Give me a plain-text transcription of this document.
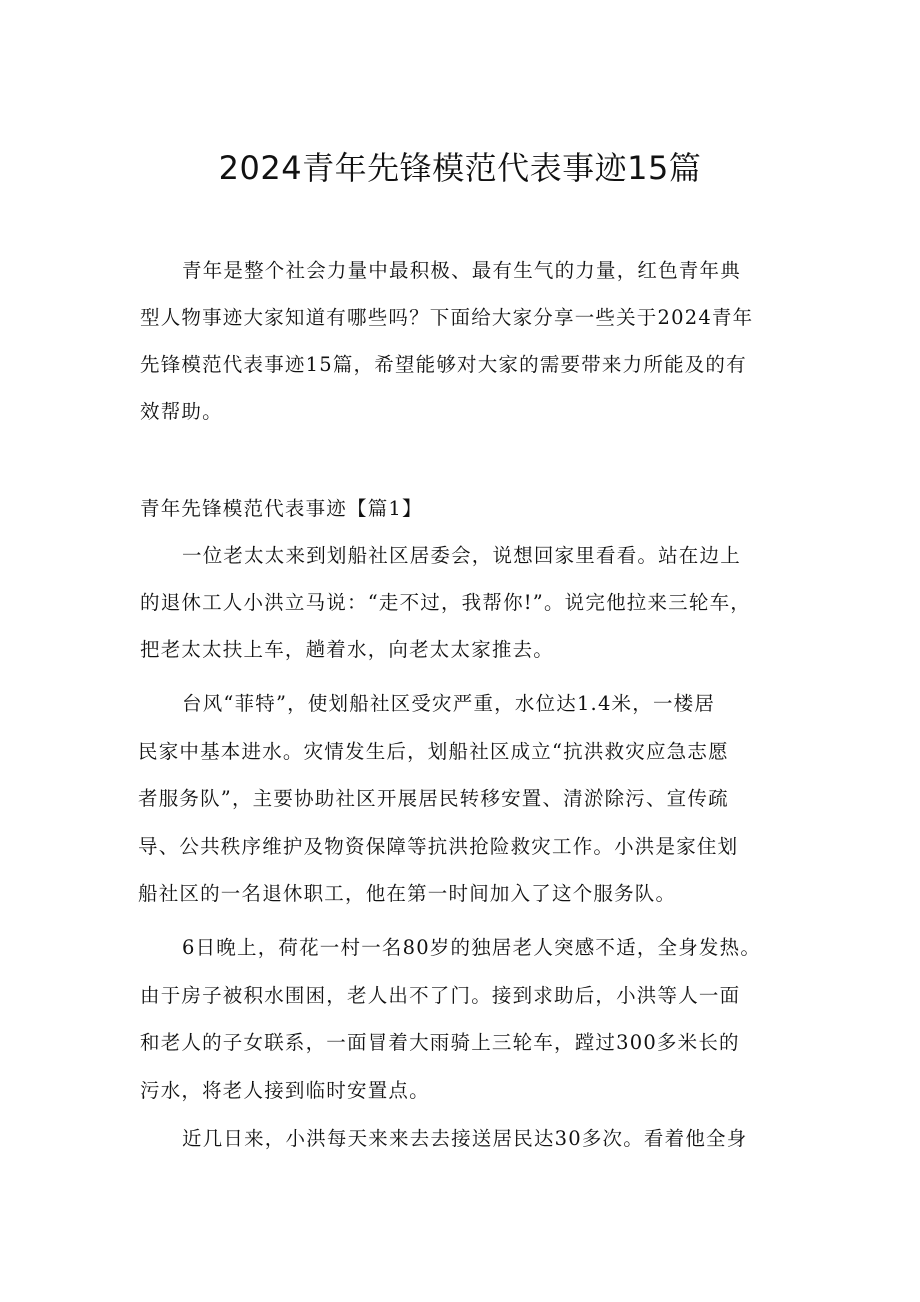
2024青年先锋模范代表事迹15篇

青年是整个社会力量中最积极、最有生气的力量，红色青年典

型人物事迹大家知道有哪些吗？下面给大家分享一些关于2024青年

先锋模范代表事迹15篇，希望能够对大家的需要带来力所能及的有

效帮助。

青年先锋模范代表事迹【篇1】

一位老太太来到划船社区居委会，说想回家里看看。站在边上

的退休工人小洪立马说：“走不过，我帮你!”。说完他拉来三轮车，

把老太太扶上车，趟着水，向老太太家推去。

台风“菲特”，使划船社区受灾严重，水位达1.4米，一楼居

民家中基本进水。灾情发生后，划船社区成立“抗洪救灾应急志愿

者服务队”，主要协助社区开展居民转移安置、清淤除污、宣传疏

导、公共秩序维护及物资保障等抗洪抢险救灾工作。小洪是家住划

船社区的一名退休职工，他在第一时间加入了这个服务队。

6日晚上，荷花一村一名80岁的独居老人突感不适，全身发热。

由于房子被积水围困，老人出不了门。接到求助后，小洪等人一面

和老人的子女联系，一面冒着大雨骑上三轮车，蹚过300多米长的

污水，将老人接到临时安置点。

近几日来，小洪每天来来去去接送居民达30多次。看着他全身
